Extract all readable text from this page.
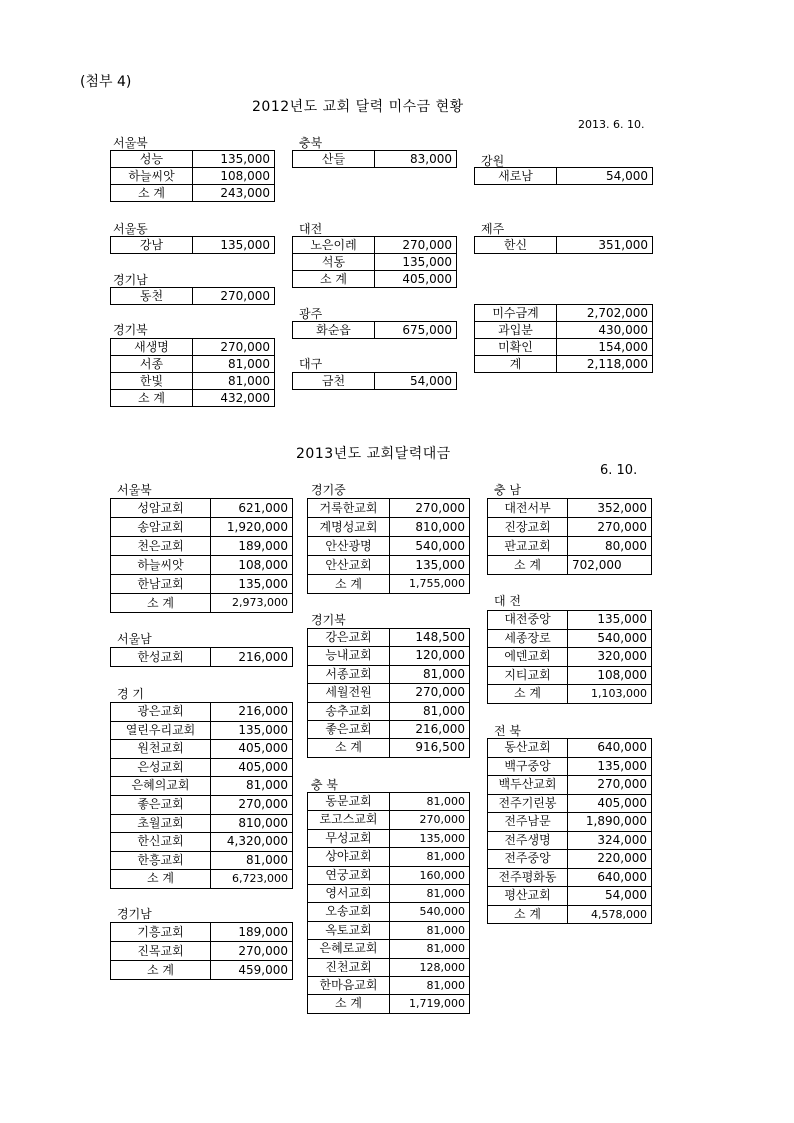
(첨부 4)
2012년도 교회 달력 미수금 현황
2013. 6. 10.
2013년도 교회달력대금
6. 10.
서울북
성능	135,000
하늘씨앗	108,000
소 계	243,000
충북
산들	83,000 강원
새로남	54,000
서울동
강남	135,000
대전
노은이레	270,000
석동	135,000
소 계	405,000
제주
한신	351,000
경기남
동천	270,000
광주
화순읍	675,000
미수금계	2,702,000
과입분	430,000
미확인	154,000
계	2,118,000
경기북
새생명	270,000
서종	81,000
한빛	81,000
소 계	432,000
대구
금천	54,000
서울북
성암교회	621,000
송암교회	1,920,000
천은교회	189,000
하늘씨앗	108,000
한남교회	135,000
소 계	2,973,000
경기중
거룩한교회	270,000
계명성교회	810,000
안산광명	540,000
안산교회	135,000
소 계	1,755,000
충 남
대전서부	352,000
진장교회	270,000
판교교회	80,000
소 계	702,000
대 전
대전중앙	135,000
세종장로	540,000
에덴교회	320,000
지티교회	108,000
소 계	1,103,000
서울남
한성교회	216,000
경기북
강은교회	148,500
능내교회	120,000
서종교회	81,000
세월전원	270,000
송추교회	81,000
좋은교회	216,000
소 계	916,500
경 기
광은교회	216,000
열린우리교회	135,000
원천교회	405,000
은성교회	405,000
은혜의교회	81,000
좋은교회	270,000
초월교회	810,000
한신교회	4,320,000
한흥교회	81,000
소 계	6,723,000
전 북
동산교회	640,000
백구중앙	135,000
백두산교회	270,000
전주기린봉	405,000
전주남문	1,890,000
전주생명	324,000
전주중앙	220,000
전주평화동	640,000
평산교회	54,000
소 계	4,578,000
충 북
동문교회	81,000
로고스교회	270,000
무성교회	135,000
상야교회	81,000
연궁교회	160,000
영서교회	81,000
오송교회	540,000
옥토교회	81,000
은혜로교회	81,000
진천교회	128,000
한마음교회	81,000
소 계	1,719,000
경기남
기흥교회	189,000
진목교회	270,000
소 계	459,000
